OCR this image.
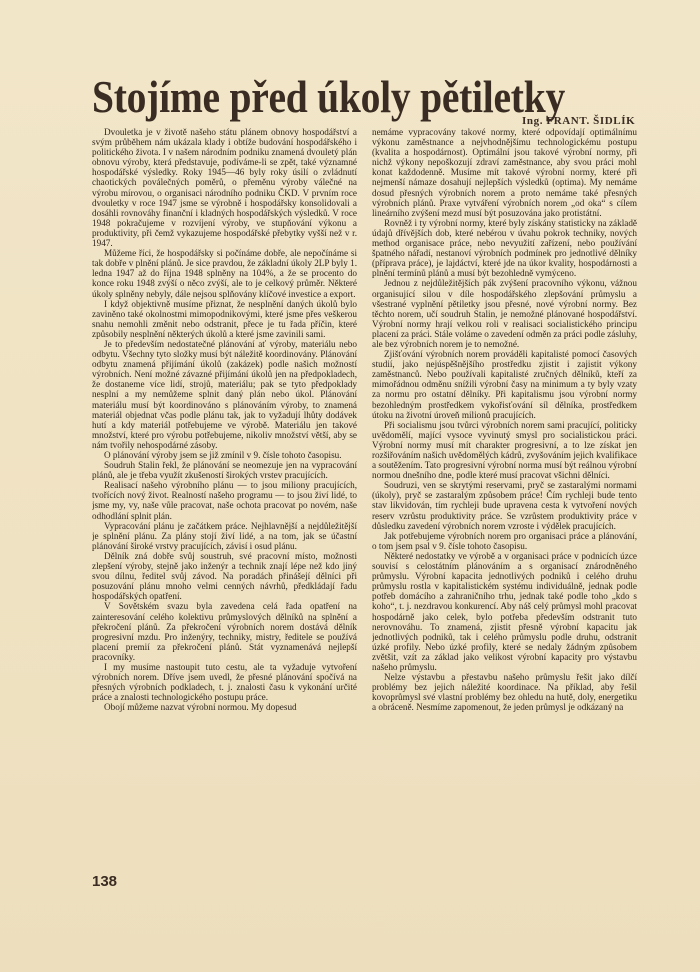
Stojíme před úkoly pětiletky
Ing. FRANT. ŠIDLÍK

Dvouletka je v životě našeho státu plánem obnovy hospodářství a svým průběhem nám ukázala klady i obtíže budování hospodářského i politického života. I v našem národním podniku znamená dvouletý plán obnovu výroby, která představuje, podíváme-li se zpět, také významné hospodářské výsledky. Roky 1945—46 byly roky úsilí o zvládnutí chaotických poválečných poměrů, o přeměnu výroby válečné na výrobu mírovou, o organisaci národního podniku ČKD. V prvním roce dvouletky v roce 1947 jsme se výrobně i hospodářsky konsolidovali a dosáhli rovnováhy finanční i kladných hospodářských výsledků. V roce 1948 pokračujeme v rozvíjení výroby, ve stupňování výkonu a produktivity, při čemž vykazujeme hospodářské přebytky vyšší než v r. 1947.

Můžeme říci, že hospodářsky si počínáme dobře, ale nepočínáme si tak dobře v plnění plánů. Je sice pravdou, že základní úkoly 2LP byly 1. ledna 1947 až do října 1948 splněny na 104%, a že se procento do konce roku 1948 zvýší o něco zvýší, ale to je celkový průměr. Některé úkoly splněny nebyly, dále nejsou splňovány klíčové investice a export.

I když objektivně musíme přiznat, že nesplnění daných úkolů bylo zaviněno také okolnostmi mimopodnikovými, které jsme přes veškerou snahu nemohli změnit nebo odstranit, přece je tu řada příčin, které způsobily nesplnění některých úkolů a které jsme zavinili sami.

Je to především nedostatečné plánování ať výroby, materiálu nebo odbytu. Všechny tyto složky musí být náležitě koordinovány. Plánování odbytu znamená přijímání úkolů (zakázek) podle našich možností výrobních. Není možné závazné přijímání úkolů jen na předpokladech, že dostaneme více lidí, strojů, materiálu; pak se tyto předpoklady nesplní a my nemůžeme splnit daný plán nebo úkol. Plánování materiálu musí být koordinováno s plánováním výroby, to znamená materiál objednat včas podle plánu tak, jak to vyžadují lhůty dodávek hutí a kdy materiál potřebujeme ve výrobě. Materiálu jen takové množství, které pro výrobu potřebujeme, nikoliv množství větší, aby se nám tvořily nehospodárné zásoby.

O plánování výroby jsem se již zmínil v 9. čísle tohoto časopisu.

Soudruh Stalin řekl, že plánování se neomezuje jen na vypracování plánů, ale je třeba využít zkušeností širokých vrstev pracujících.

Realisací našeho výrobního plánu — to jsou miliony pracujících, tvořících nový život. Realností našeho programu — to jsou živí lidé, to jsme my, vy, naše vůle pracovat, naše ochota pracovat po novém, naše odhodlání splnit plán.

Vypracování plánu je začátkem práce. Nejhlavnější a nejdůležitější je splnění plánu. Za plány stojí živí lidé, a na tom, jak se účastní plánování široké vrstvy pracujících, závisí i osud plánu.

Dělník zná dobře svůj soustruh, své pracovní místo, možnosti zlepšení výroby, stejně jako inženýr a technik znají lépe než kdo jiný svou dílnu, ředitel svůj závod. Na poradách přinášejí dělníci při posuzování plánu mnoho velmi cenných návrhů, předkládají řadu hospodářských opatření.

V Sovětském svazu byla zavedena celá řada opatření na zainteresování celého kolektivu průmyslových dělníků na splnění a překročení plánů. Za překročení výrobních norem dostává dělník progresivní mzdu. Pro inženýry, techniky, mistry, ředitele se používá placení premií za překročení plánů. Stát vyznamenává nejlepší pracovníky.

I my musíme nastoupit tuto cestu, ale ta vyžaduje vytvoření výrobních norem. Dříve jsem uvedl, že přesné plánování spočívá na přesných výrobních podkladech, t. j. znalosti času k vykonání určité práce a znalosti technologického postupu práce.

Obojí můžeme nazvat výrobní normou. My dopesud

nemáme vypracovány takové normy, které odpovídají optimálnímu výkonu zaměstnance a nejvhodnějšímu technologickému postupu (kvalita a hospodárnost). Optimální jsou takové výrobní normy, při nichž výkony nepoškozují zdraví zaměstnance, aby svou práci mohl konat každodenně. Musíme mít takové výrobní normy, které při nejmenší námaze dosahují nejlepších výsledků (optima). My nemáme dosud přesných výrobních norem a proto nemáme také přesných výrobních plánů. Praxe vytváření výrobních norem „od oka“ s cílem lineárního zvýšení mezd musí být posuzována jako protistátní.

Rovněž i ty výrobní normy, které byly získány statisticky na základě údajů dřívějších dob, které nebérou v úvahu pokrok techniky, nových method organisace práce, nebo nevyužití zařízení, nebo používání špatného nářadí, nestanoví výrobních podmínek pro jednotlivé dělníky (příprava práce), je lajdáctví, které jde na úkor kvality, hospodárnosti a plnění termínů plánů a musí být bezohledně vymýceno.

Jednou z nejdůležitějších pák zvýšení pracovního výkonu, vážnou organisující silou v díle hospodářského zlepšování průmyslu a všestrané vyplnění pětiletky jsou přesné, nové výrobní normy. Bez těchto norem, učí soudruh Stalin, je nemožné plánované hospodářství. Výrobní normy hrají velkou roli v realisaci socialistického principu placení za práci. Stále voláme o zavedení odměn za práci podle zásluhy, ale bez výrobních norem je to nemožné.

Zjišťování výrobních norem prováděli kapitalisté pomocí časových studií, jako nejúspěšnějšího prostředku zjistit i zajistit výkony zaměstnanců. Nebo používali kapitalisté zručných dělníků, kteří za mimořádnou odměnu snížili výrobní časy na minimum a ty byly vzaty za normu pro ostatní dělníky. Při kapitalismu jsou výrobní normy bezohledným prostředkem vykořisťování síl dělníka, prostředkem útoku na životní úroveň milionů pracujících.

Při socialismu jsou tvůrci výrobních norem sami pracující, politicky uvědomělí, mající vysoce vyvinutý smysl pro socialistickou práci. Výrobní normy musí mít charakter progresivní, a to lze získat jen rozšiřováním našich uvědomělých kádrů, zvyšováním jejich kvalifikace a soutěžením. Tato progresivní výrobní norma musí být reálnou výrobní normou dnešního dne, podle které musí pracovat všichni dělníci.

Soudruzi, ven se skrytými reservami, pryč se zastaralými normami (úkoly), pryč se zastaralým způsobem práce! Čím rychleji bude tento stav likvidován, tím rychleji bude upravena cesta k vytvoření nových reserv vzrůstu produktivity práce. Se vzrůstem produktivity práce v důsledku zavedení výrobních norem vzroste i výdělek pracujících.

Jak potřebujeme výrobních norem pro organisaci práce a plánování, o tom jsem psal v 9. čísle tohoto časopisu.

Některé nedostatky ve výrobě a v organisaci práce v podnicích úzce souvisí s celostátním plánováním a s organisací znárodněného průmyslu. Výrobní kapacita jednotlivých podniků i celého druhu průmyslu rostla v kapitalistickém systému individuálně, jednak podle potřeb domácího a zahraničního trhu, jednak také podle toho „kdo s koho“, t. j. nezdravou konkurencí. Aby náš celý průmysl mohl pracovat hospodárně jako celek, bylo potřeba především odstranit tuto nerovnováhu. To znamená, zjistit přesně výrobní kapacitu jak jednotlivých podniků, tak i celého průmyslu podle druhu, odstranit úzké profily. Nebo úzké profily, které se nedaly žádným způsobem zvětšit, vzít za základ jako velikost výrobní kapacity pro výstavbu našeho průmyslu.

Nelze výstavbu a přestavbu našeho průmyslu řešit jako dílčí problémy bez jejich náležité koordinace. Na příklad, aby řešil kovoprůmysl své vlastní problémy bez ohledu na hutě, doly, energetiku a obráceně. Nesmíme zapomenout, že jeden průmysl je odkázaný na

138
